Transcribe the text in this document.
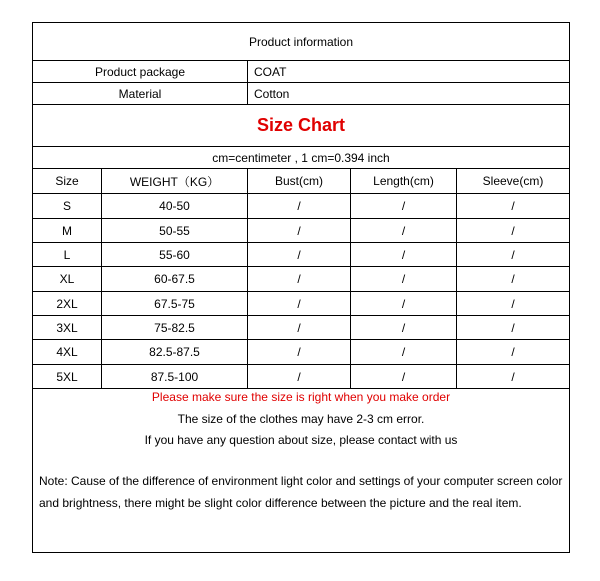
Product information
Product package	COAT
Material	Cotton
Size Chart
cm=centimeter , 1 cm=0.394 inch
Size	WEIGHT（KG）	Bust(cm)	Length(cm)	Sleeve(cm)
S	40-50	/	/	/
M	50-55	/	/	/
L	55-60	/	/	/
XL	60-67.5	/	/	/
2XL	67.5-75	/	/	/
3XL	75-82.5	/	/	/
4XL	82.5-87.5	/	/	/
5XL	87.5-100	/	/	/
Please make sure the size is right when you make order
The size of the clothes may have 2-3 cm error.
If you have any question about size, please contact with us
Note: Cause of the difference of environment light color and settings of your computer screen color and brightness, there might be slight color difference between the picture and the real item.
